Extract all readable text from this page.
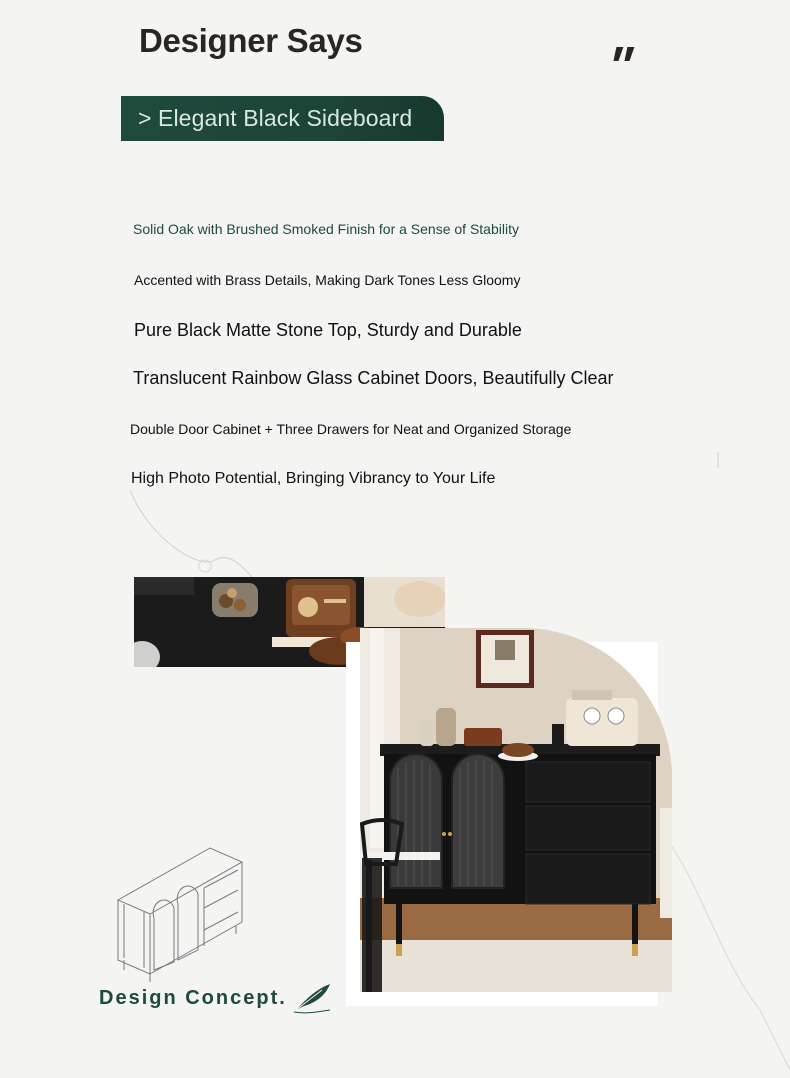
Designer Says
> Elegant Black Sideboard
Solid Oak with Brushed Smoked Finish for a Sense of Stability
Accented with Brass Details, Making Dark Tones Less Gloomy
Pure Black Matte Stone Top, Sturdy and Durable
Translucent Rainbow Glass Cabinet Doors, Beautifully Clear
Double Door Cabinet + Three Drawers for Neat and Organized Storage
High Photo Potential, Bringing Vibrancy to Your Life
Design Concept.
